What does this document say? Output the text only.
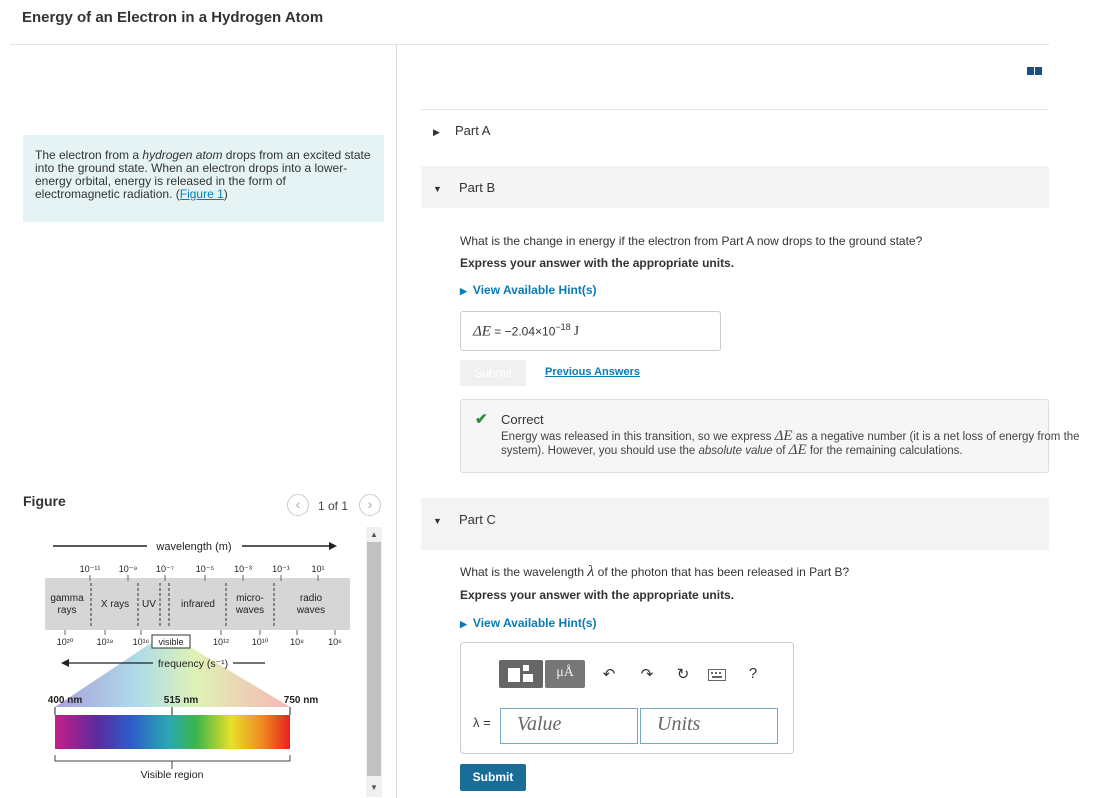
Energy of an Electron in a Hydrogen Atom
The electron from a hydrogen atom drops from an excited state into the ground state. When an electron drops into a lower-energy orbital, energy is released in the form of electromagnetic radiation. (Figure 1)
Figure	‹	1 of 1	›
wavelength (m)
10⁻¹¹ 10⁻⁹ 10⁻⁷ 10⁻⁵ 10⁻³ 10⁻¹ 10¹
gamma
rays
X rays UV	infrared
micro-
waves
radio
waves
10²⁰	10¹⁸ 10¹⁶	10¹²	10¹⁰ 10⁸	10⁶
visible
frequency (s⁻¹)
400 nm	515 nm	750 nm
Visible region
▲
▼
▶ Part A
▼ Part B
What is the change in energy if the electron from Part A now drops to the ground state?
Express your answer with the appropriate units.
▶ View Available Hint(s)
$\Delta E = -2.04\times 10^{-18}$ J
Submit	Previous Answers
✔ Correct
Energy was released in this transition, so we express ΔE as a negative number (it is a net loss of energy from the
system). However, you should use the absolute value of ΔE for the remaining calculations.
▼ Part C
What is the wavelength λ of the photon that has been released in Part B?
Express your answer with the appropriate units.
▶ View Available Hint(s)
μÅ	↶ ↷ ↻	?
λ =	Value	Units
Submit
